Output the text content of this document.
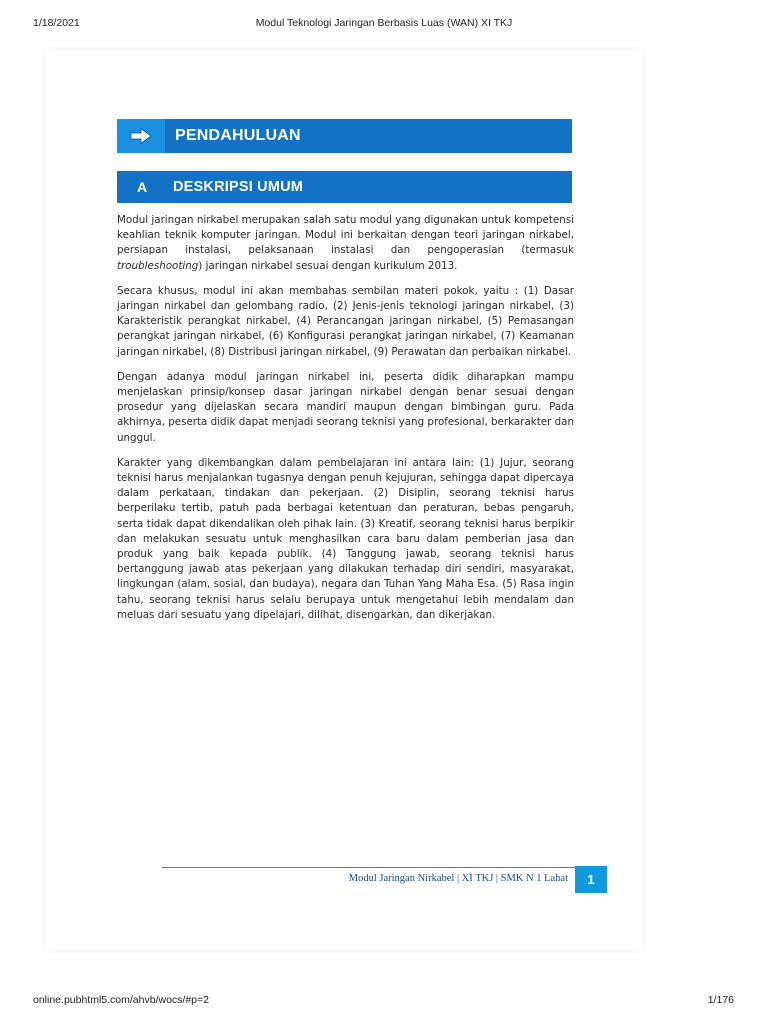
1/18/2021	Modul Teknologi Jaringan Berbasis Luas (WAN) XI TKJ
PENDAHULUAN
A	DESKRIPSI UMUM

Modul jaringan nirkabel merupakan salah satu modul yang digunakan untuk kompetensi keahlian teknik komputer jaringan. Modul ini berkaitan dengan teori jaringan nirkabel, persiapan instalasi, pelaksanaan instalasi dan pengoperasian (termasuk troubleshooting) jaringan nirkabel sesuai dengan kurikulum 2013.

Secara khusus, modul ini akan membahas sembilan materi pokok, yaitu : (1) Dasar jaringan nirkabel dan gelombang radio, (2) Jenis-jenis teknologi jaringan nirkabel, (3) Karakteristik perangkat nirkabel, (4) Perancangan jaringan nirkabel, (5) Pemasangan perangkat jaringan nirkabel, (6) Konfigurasi perangkat jaringan nirkabel, (7) Keamanan jaringan nirkabel, (8) Distribusi jaringan nirkabel, (9) Perawatan dan perbaikan nirkabel.

Dengan adanya modul jaringan nirkabel ini, peserta didik diharapkan mampu menjelaskan prinsip/konsep dasar jaringan nirkabel dengan benar sesuai dengan prosedur yang dijelaskan secara mandiri maupun dengan bimbingan guru. Pada akhirnya, peserta didik dapat menjadi seorang teknisi yang profesional, berkarakter dan unggul.

Karakter yang dikembangkan dalam pembelajaran ini antara lain: (1) Jujur, seorang teknisi harus menjalankan tugasnya dengan penuh kejujuran, sehingga dapat dipercaya dalam perkataan, tindakan dan pekerjaan. (2) Disiplin, seorang teknisi harus berperilaku tertib, patuh pada berbagai ketentuan dan peraturan, bebas pengaruh, serta tidak dapat dikendalikan oleh pihak lain. (3) Kreatif, seorang teknisi harus berpikir dan melakukan sesuatu untuk menghasilkan cara baru dalam pemberian jasa dan produk yang baik kepada publik. (4) Tanggung jawab, seorang teknisi harus bertanggung jawab atas pekerjaan yang dilakukan terhadap diri sendiri, masyarakat, lingkungan (alam, sosial, dan budaya), negara dan Tuhan Yang Maha Esa. (5) Rasa ingin tahu, seorang teknisi harus selalu berupaya untuk mengetahui lebih mendalam dan meluas dari sesuatu yang dipelajari, dilihat, disengarkan, dan dikerjakan.

Modul Jaringan Nirkabel | XI TKJ | SMK N 1 Lahat	1
online.pubhtml5.com/ahvb/wocs/#p=2	1/176
